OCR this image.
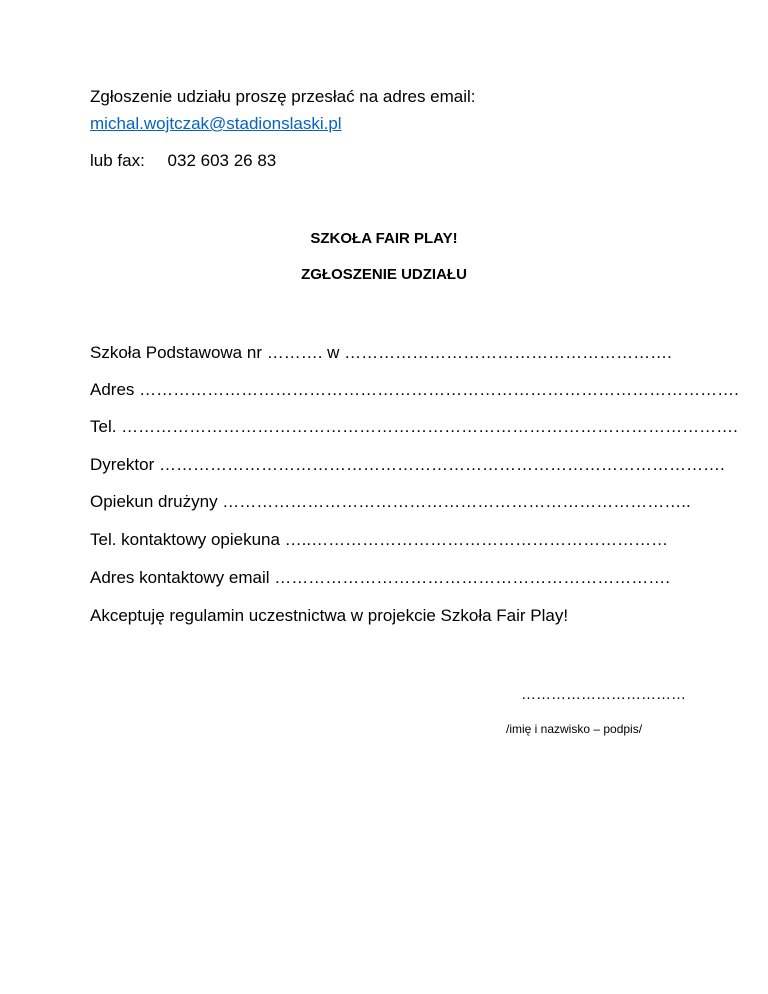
Zgłoszenie udziału proszę przesłać na adres email:
michal.wojtczak@stadionslaski.pl
lub fax: 032 603 26 83
SZKOŁA FAIR PLAY!
ZGŁOSZENIE UDZIAŁU
Szkoła Podstawowa nr ………. w ………………………………………………….
Adres …………………………………………………………………………………………….
Tel. ……………………………………………………………………………………………….
Dyrektor ……………………………………………………………………………………….
Opiekun drużyny ………………………………………………………………………..
Tel. kontaktowy opiekuna …..………………………………………………………
Adres kontaktowy email …………………………………………………………….
Akceptuję regulamin uczestnictwa w projekcie Szkoła Fair Play!
……………………………
/imię i nazwisko – podpis/
